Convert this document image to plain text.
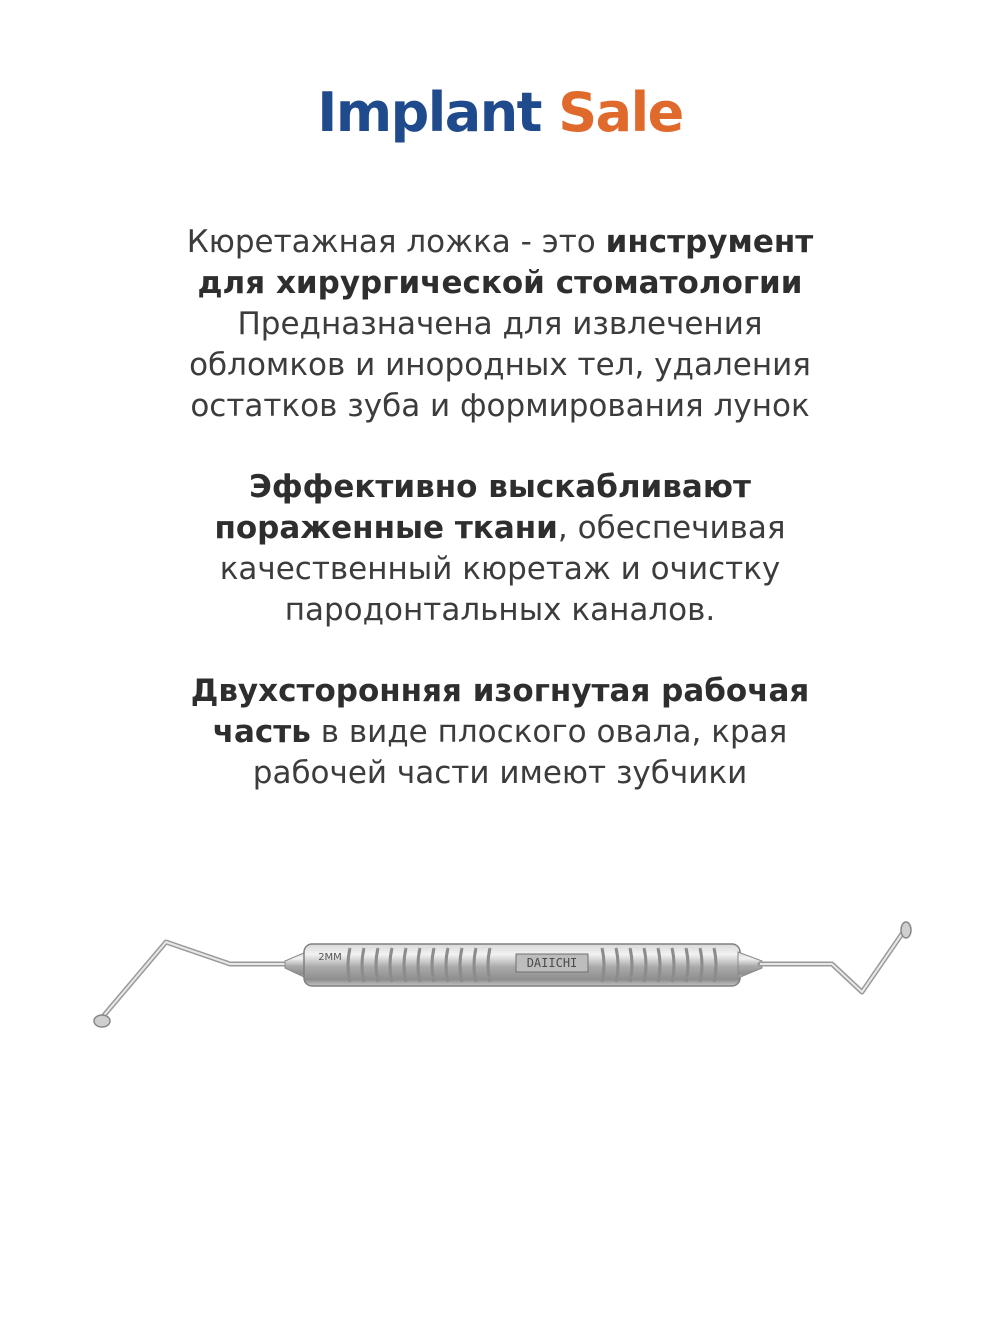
Implant Sale

Кюретажная ложка - это инструмент

для хирургической стоматологии

Предназначена для извлечения

обломков и инородных тел, удаления

остатков зуба и формирования лунок

Эффективно выскабливают

пораженные ткани, обеспечивая

качественный кюретаж и очистку

пародонтальных каналов.

Двухсторонняя изогнутая рабочая

часть в виде плоского овала, края

рабочей части имеют зубчики

DAIICHI
2MM
